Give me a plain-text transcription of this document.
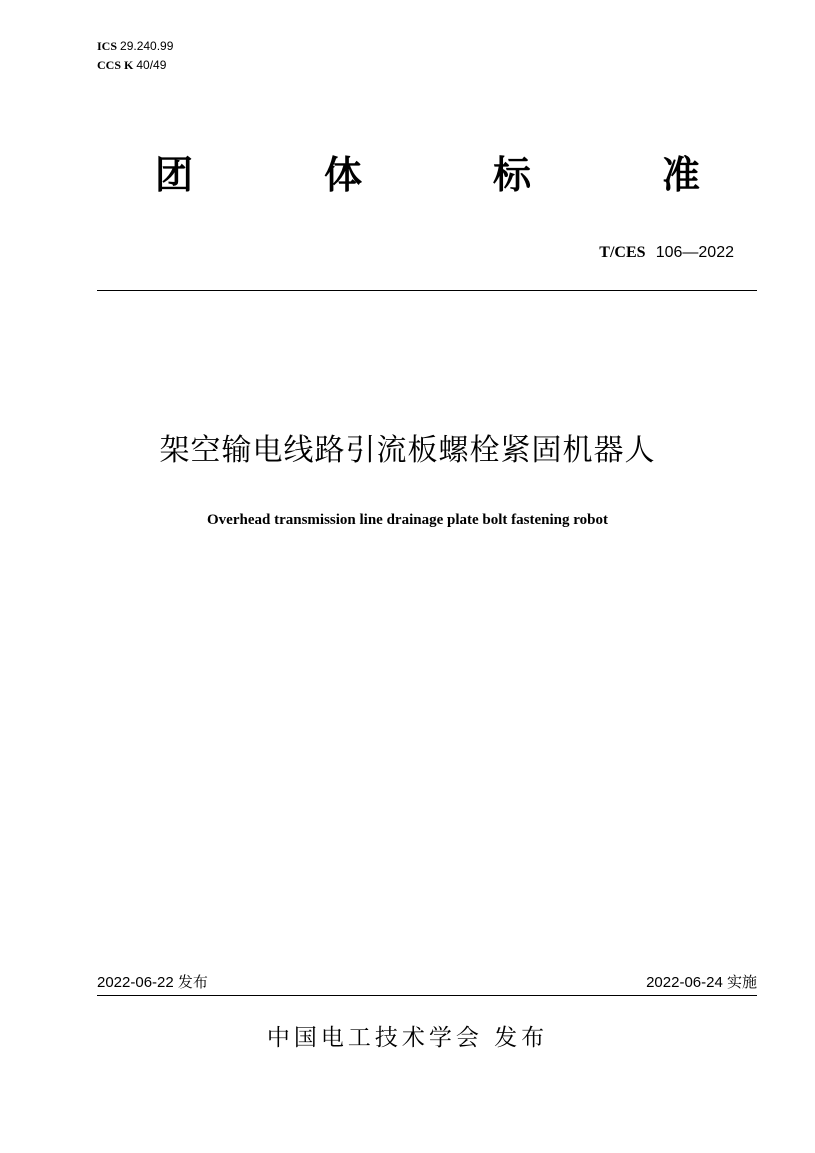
ICS 29.240.99
CCS K 40/49
团	体	标	准
T/CES 106—2022
架空输电线路引流板螺栓紧固机器人
Overhead transmission line drainage plate bolt fastening robot
2022-06-22 发布	2022-06-24 实施
中国电工技术学会 发布
